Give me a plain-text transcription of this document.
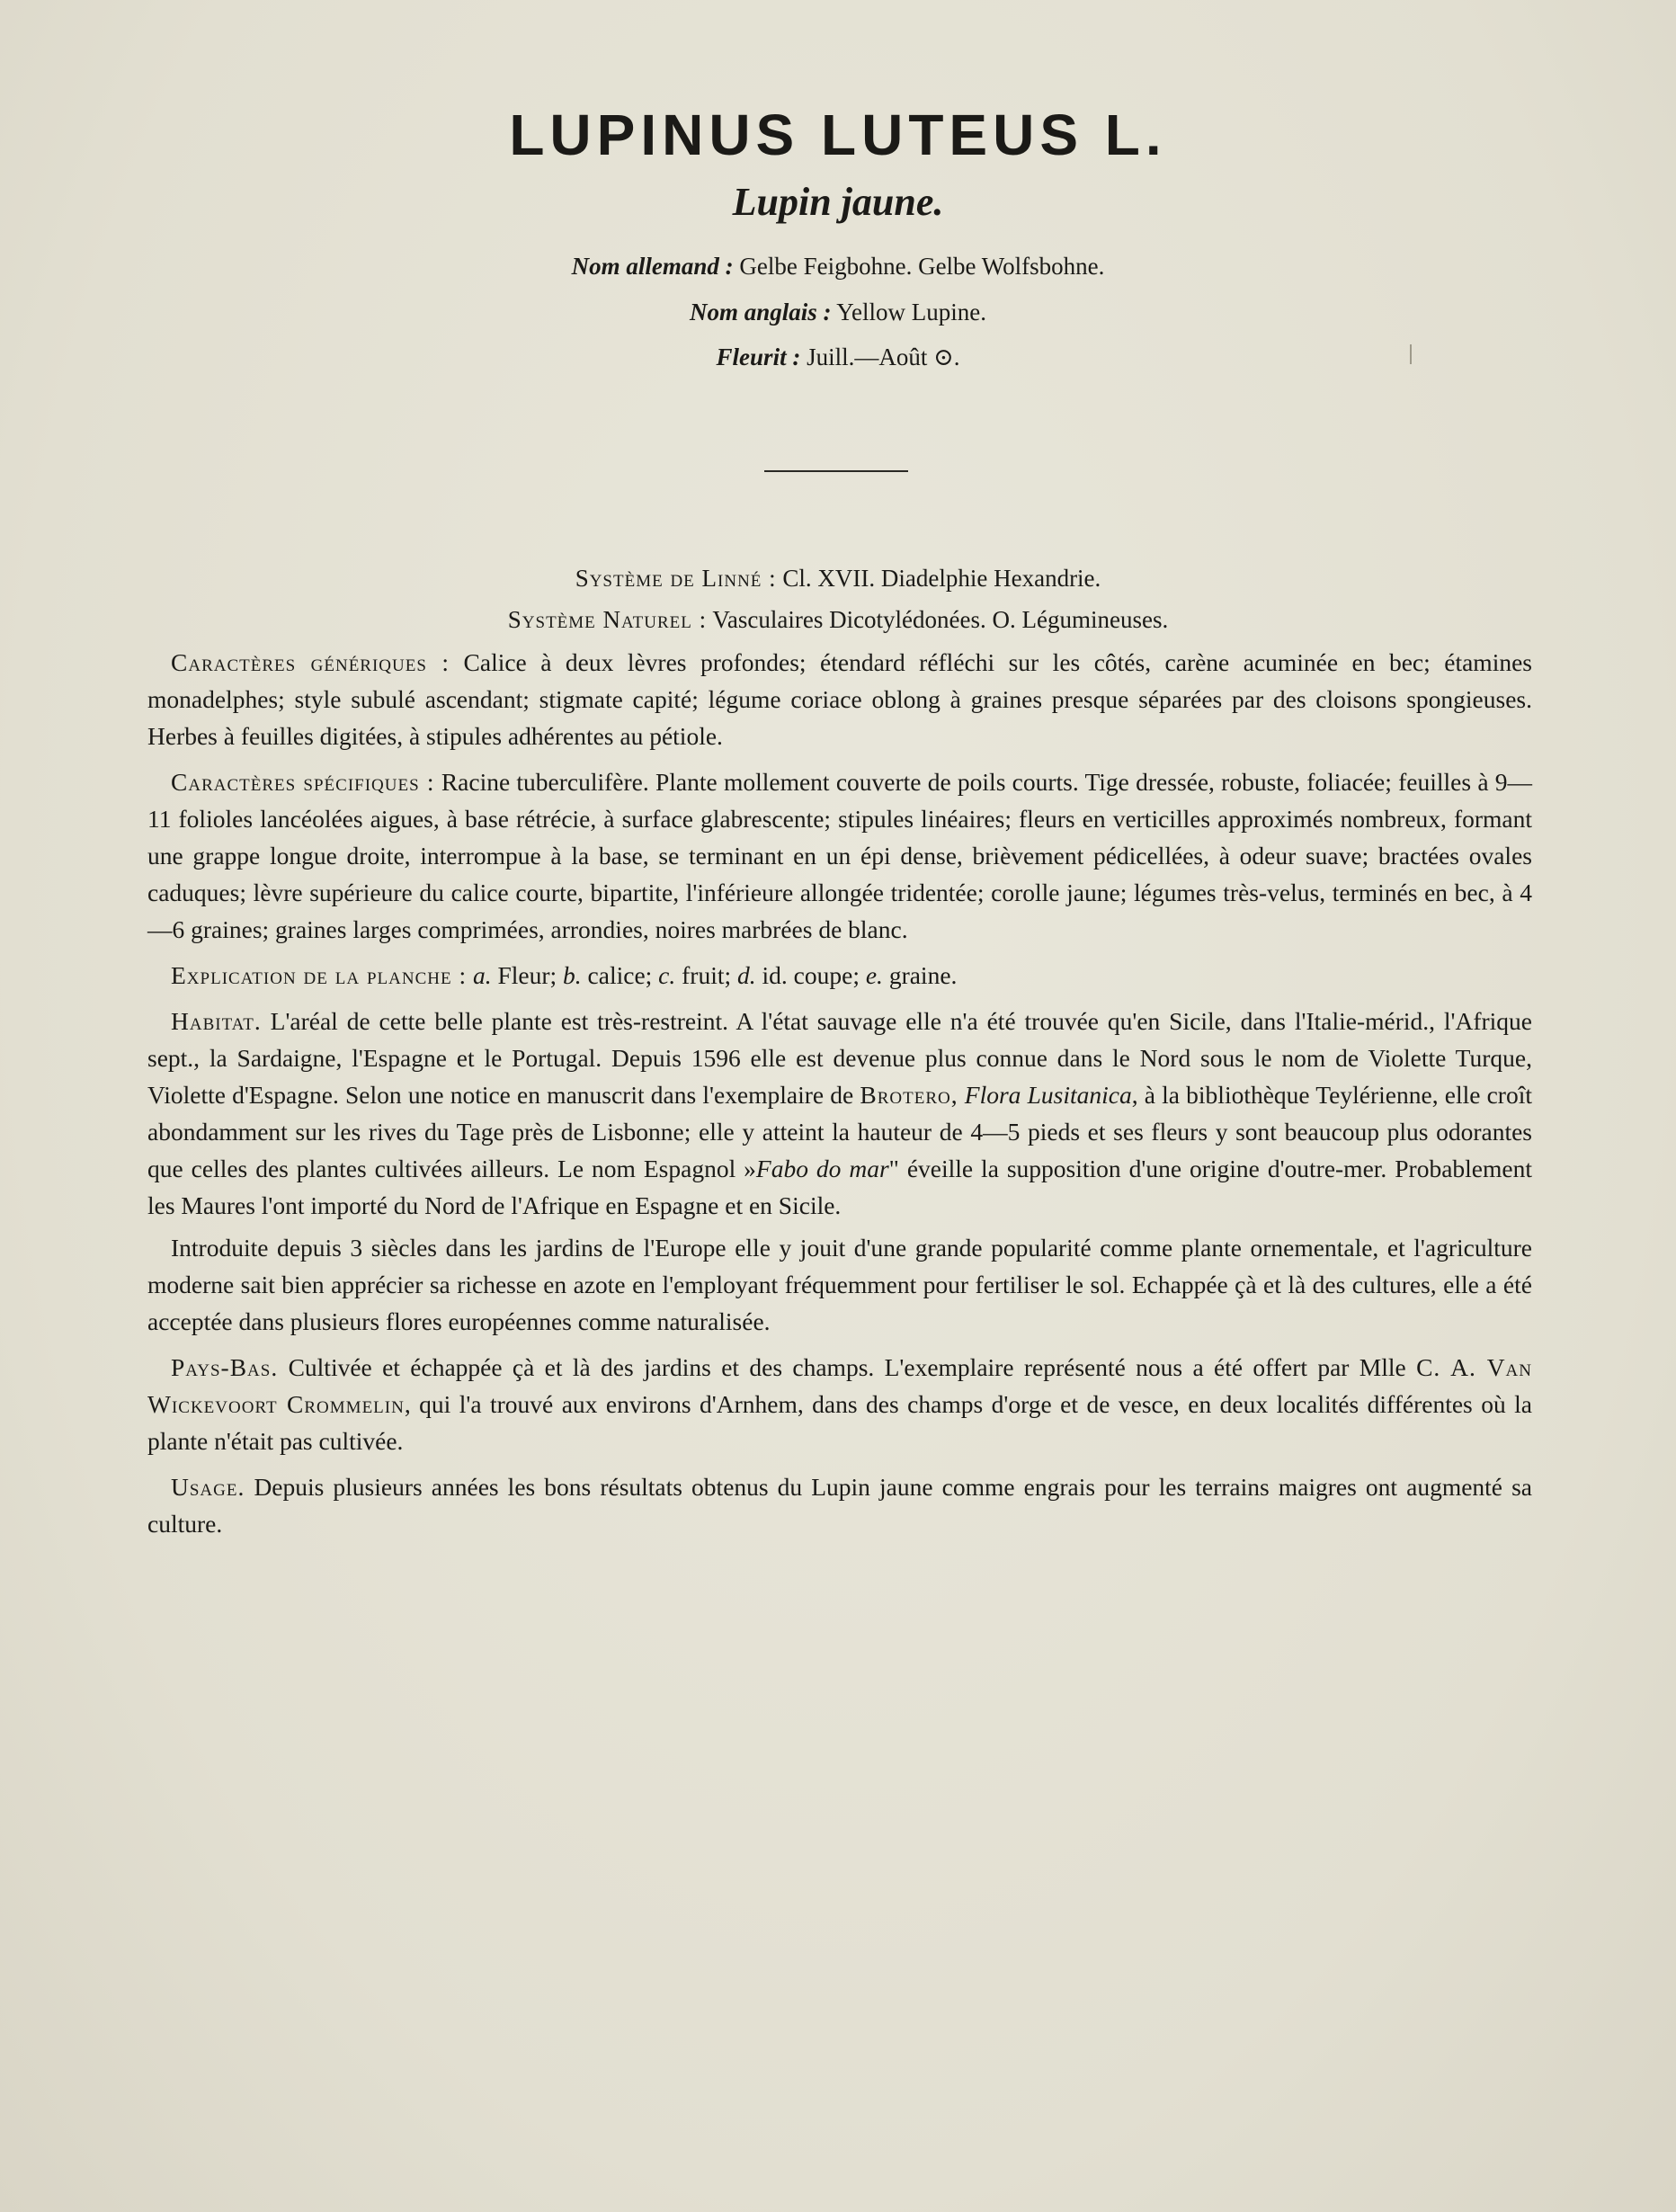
LUPINUS LUTEUS L.
Lupin jaune.
Nom allemand : Gelbe Feigbohne. Gelbe Wolfsbohne.
Nom anglais : Yellow Lupine.
Fleurit : Juill.—Août ⊙.
Système de Linné : Cl. XVII. Diadelphie Hexandrie.
Système Naturel : Vasculaires Dicotylédonées. O. Légumineuses.

Caractères génériques : Calice à deux lèvres profondes; étendard réfléchi sur les côtés, carène acuminée en bec; étamines monadelphes; style subulé ascendant; stigmate capité; légume coriace oblong à graines presque séparées par des cloisons spongieuses. Herbes à feuilles digitées, à stipules adhérentes au pétiole.

Caractères spécifiques : Racine tuberculifère. Plante mollement couverte de poils courts. Tige dressée, robuste, foliacée; feuilles à 9—11 folioles lancéolées aigues, à base rétrécie, à surface glabrescente; stipules linéaires; fleurs en verticilles approximés nombreux, formant une grappe longue droite, interrompue à la base, se terminant en un épi dense, brièvement pédicellées, à odeur suave; bractées ovales caduques; lèvre supérieure du calice courte, bipartite, l'inférieure allongée tridentée; corolle jaune; légumes très-velus, terminés en bec, à 4—6 graines; graines larges comprimées, arrondies, noires marbrées de blanc.

Explication de la planche : a. Fleur; b. calice; c. fruit; d. id. coupe; e. graine.

Habitat. L'aréal de cette belle plante est très-restreint. A l'état sauvage elle n'a été trouvée qu'en Sicile, dans l'Italie-mérid., l'Afrique sept., la Sardaigne, l'Espagne et le Portugal. Depuis 1596 elle est devenue plus connue dans le Nord sous le nom de Violette Turque, Violette d'Espagne. Selon une notice en manuscrit dans l'exemplaire de Brotero, Flora Lusitanica, à la bibliothèque Teylérienne, elle croît abondamment sur les rives du Tage près de Lisbonne; elle y atteint la hauteur de 4—5 pieds et ses fleurs y sont beaucoup plus odorantes que celles des plantes cultivées ailleurs. Le nom Espagnol »Fabo do mar" éveille la supposition d'une origine d'outre-mer. Probablement les Maures l'ont importé du Nord de l'Afrique en Espagne et en Sicile.

Introduite depuis 3 siècles dans les jardins de l'Europe elle y jouit d'une grande popularité comme plante ornementale, et l'agriculture moderne sait bien apprécier sa richesse en azote en l'employant fréquemment pour fertiliser le sol. Echappée çà et là des cultures, elle a été acceptée dans plusieurs flores européennes comme naturalisée.

Pays-Bas. Cultivée et échappée çà et là des jardins et des champs. L'exemplaire représenté nous a été offert par Mlle C. A. Van Wickevoort Crommelin, qui l'a trouvé aux environs d'Arnhem, dans des champs d'orge et de vesce, en deux localités différentes où la plante n'était pas cultivée.

Usage. Depuis plusieurs années les bons résultats obtenus du Lupin jaune comme engrais pour les terrains maigres ont augmenté sa culture.
